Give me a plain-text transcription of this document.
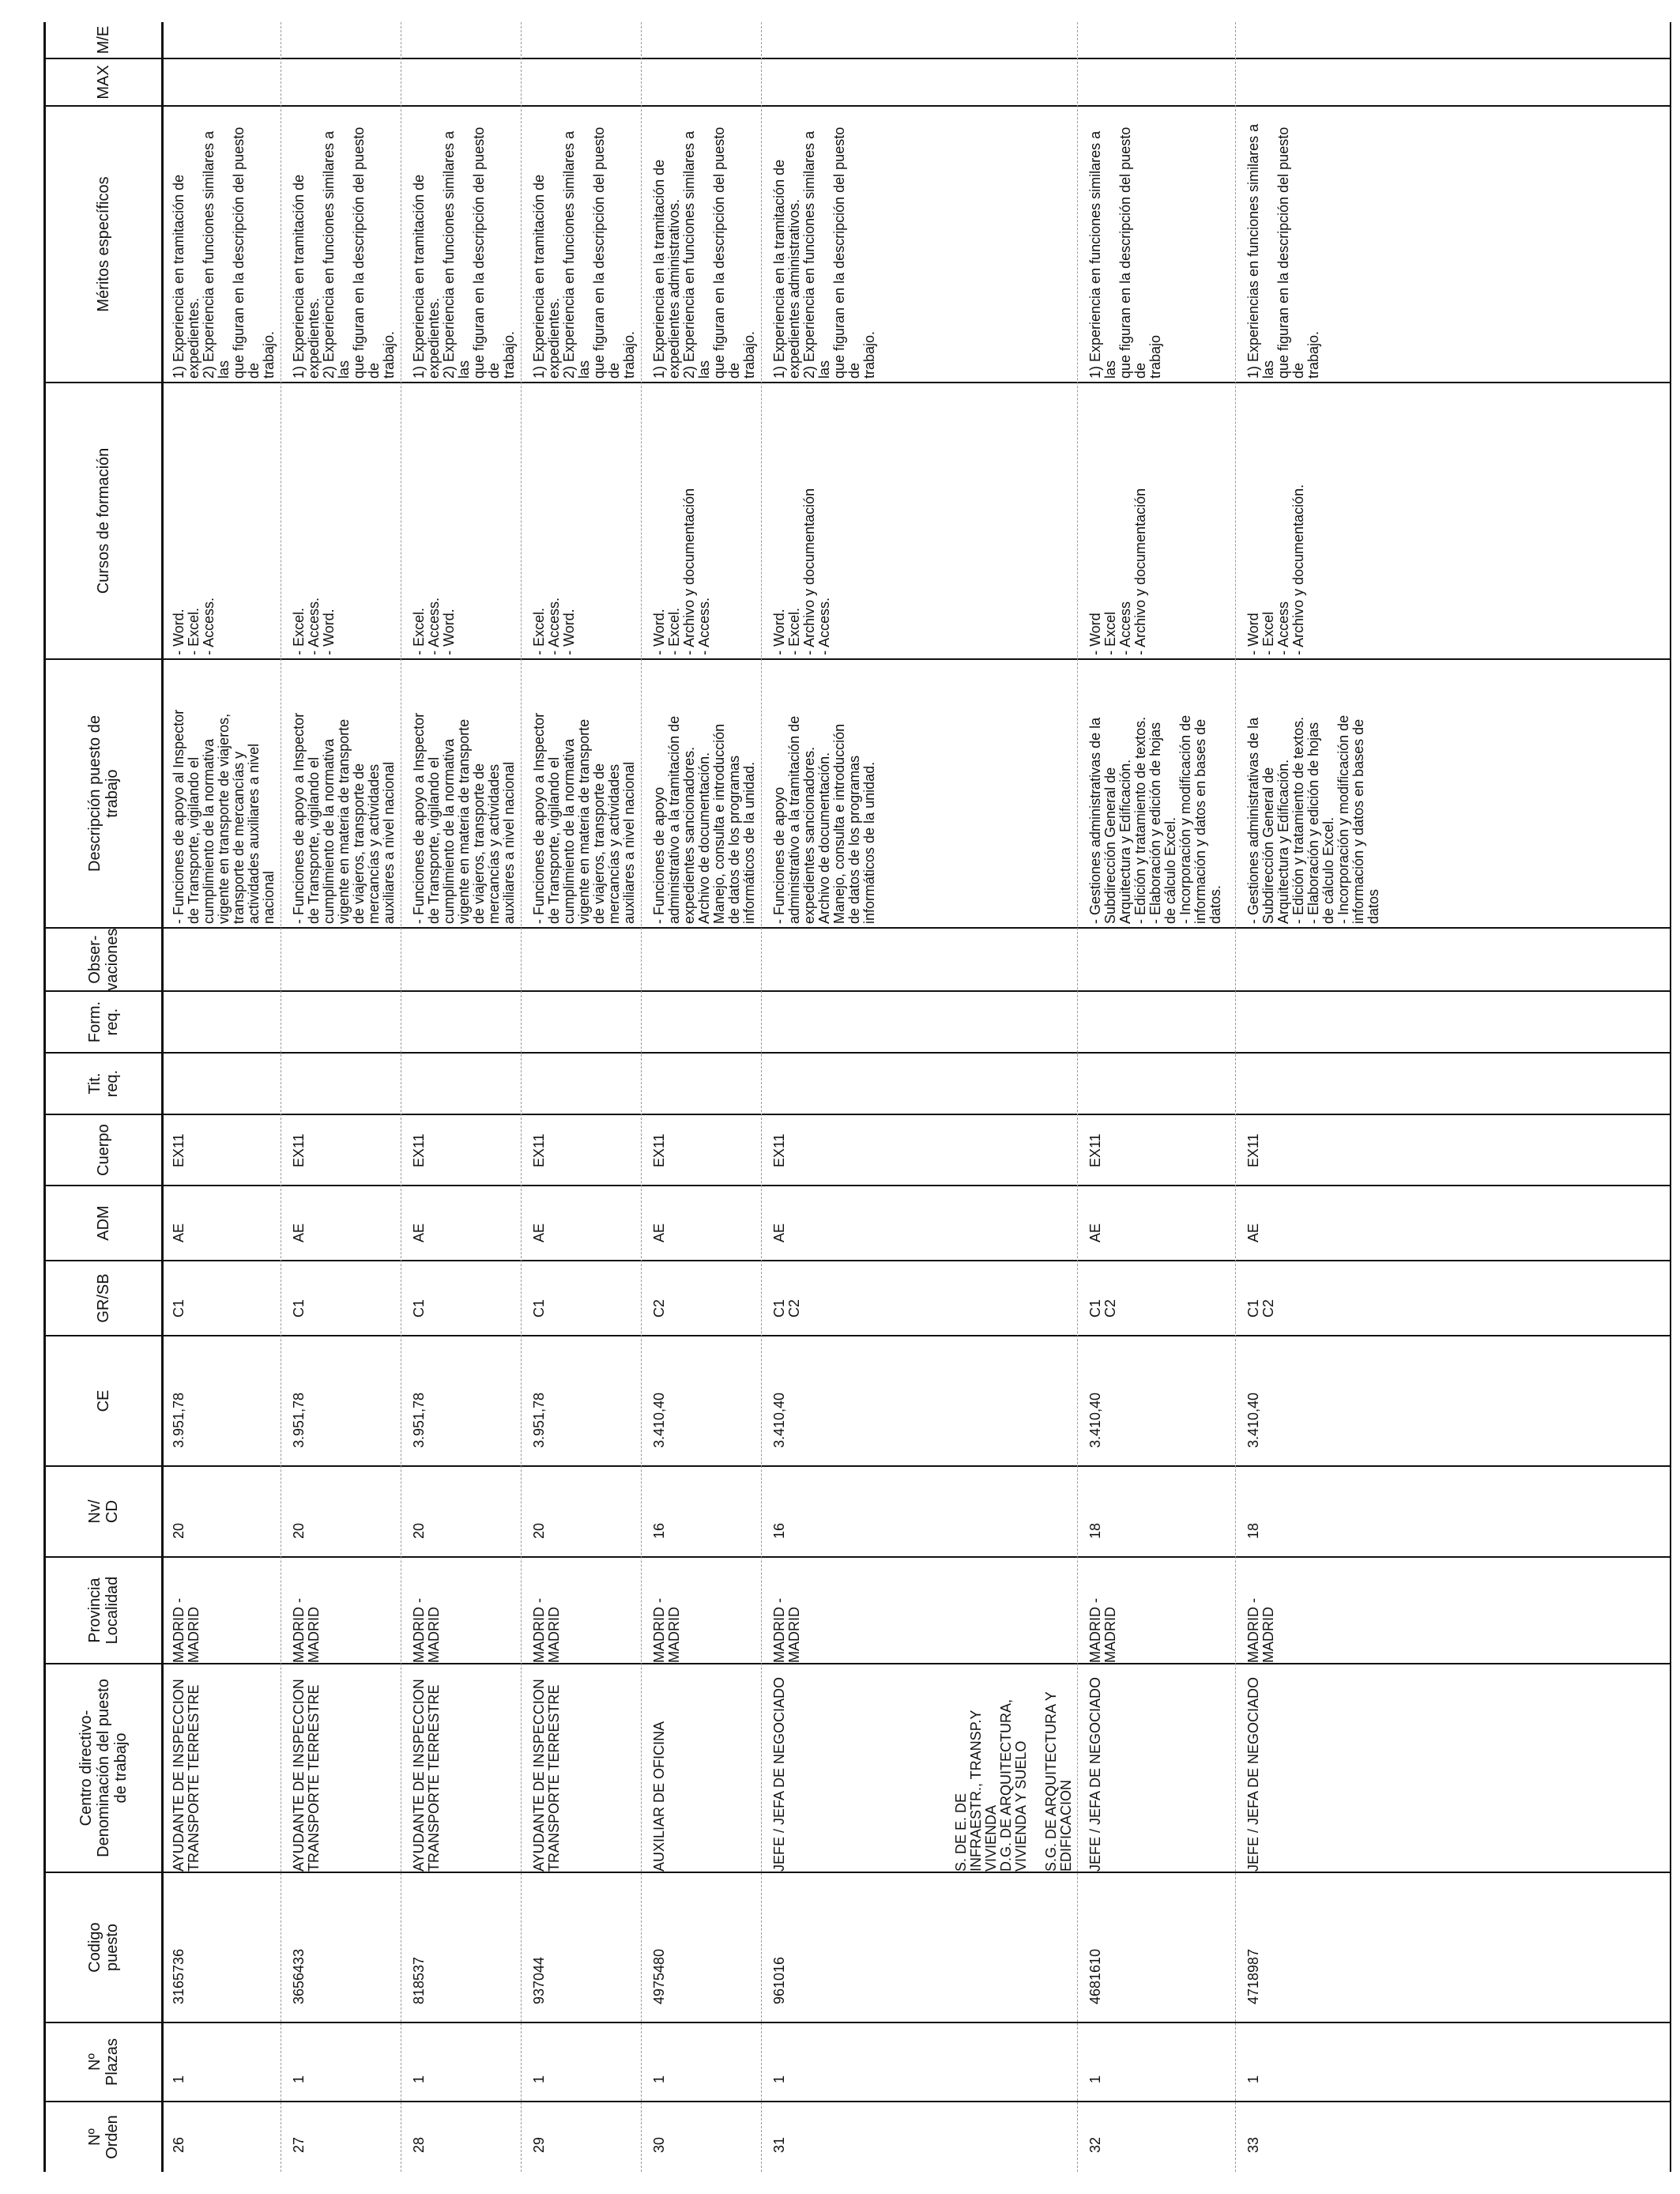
Nº
Orden
Nº
Plazas
Codigo
puesto
Centro directivo-
Denominación del puesto
de trabajo
Provincia
Localidad
Nv/
CD
CE
GR/SB
ADM
Cuerpo
Tit.
req.
Form.
req.
Obser-
vaciones
Descripción puesto de
trabajo
Cursos de formación
Méritos específicos
MAX
M/E
26
1
3165736
AYUDANTE DE INSPECCION
TRANSPORTE TERRESTRE
MADRID -
MADRID
20
3.951,78
C1
AE
EX11
- Funciones de apoyo al Inspector
de Transporte, vigilando el
cumplimiento de la normativa
vigente en transporte de viajeros,
transporte de mercancías y
actividades auxiliares a nivel
nacional
- Word.
- Excel.
- Access.
1) Experiencia en tramitación de
expedientes.
2) Experiencia en funciones similares a las
que figuran en la descripción del puesto de
trabajo.
27
1
3656433
AYUDANTE DE INSPECCION
TRANSPORTE TERRESTRE
MADRID -
MADRID
20
3.951,78
C1
AE
EX11
- Funciones de apoyo a Inspector
de Transporte, vigilando el
cumplimiento de la normativa
vigente en materia de transporte
de viajeros, transporte de
mercancías y actividades
auxiliares a nivel nacional
- Excel.
- Access.
- Word.
1) Experiencia en tramitación de
expedientes.
2) Experiencia en funciones similares a las
que figuran en la descripción del puesto de
trabajo.
28
1
818537
AYUDANTE DE INSPECCION
TRANSPORTE TERRESTRE
MADRID -
MADRID
20
3.951,78
C1
AE
EX11
- Funciones de apoyo a Inspector
de Transporte, vigilando el
cumplimiento de la normativa
vigente en materia de transporte
de viajeros, transporte de
mercancías y actividades
auxiliares a nivel nacional
- Excel.
- Access.
- Word.
1) Experiencia en tramitación de
expedientes.
2) Experiencia en funciones similares a las
que figuran en la descripción del puesto de
trabajo.
29
1
937044
AYUDANTE DE INSPECCION
TRANSPORTE TERRESTRE
MADRID -
MADRID
20
3.951,78
C1
AE
EX11
- Funciones de apoyo a Inspector
de Transporte, vigilando el
cumplimiento de la normativa
vigente en materia de transporte
de viajeros, transporte de
mercancías y actividades
auxiliares a nivel nacional
- Excel.
- Access.
- Word.
1) Experiencia en tramitación de
expedientes.
2) Experiencia en funciones similares a las
que figuran en la descripción del puesto de
trabajo.
30
1
4975480
AUXILIAR DE OFICINA
MADRID -
MADRID
16
3.410,40
C2
AE
EX11
- Funciones de apoyo
administrativo a la tramitación de
expedientes sancionadores.
Archivo de documentación.
Manejo, consulta e introducción
de datos de los programas
informáticos de la unidad.
- Word.
- Excel.
- Archivo y documentación
- Access.
1) Experiencia en la tramitación de
expedientes administrativos.
2) Experiencia en funciones similares a las
que figuran en la descripción del puesto de
trabajo.
31
1
961016
JEFE / JEFA DE NEGOCIADO
MADRID -
MADRID
16
3.410,40
C1
C2
AE
EX11
- Funciones de apoyo
administrativo a la tramitación de
expedientes sancionadores.
Archivo de documentación.
Manejo, consulta e introducción
de datos de los programas
informáticos de la unidad.
- Word.
- Excel.
- Archivo y documentación
- Access.
1) Experiencia en la tramitación de
expedientes administrativos.
2) Experiencia en funciones similares a las
que figuran en la descripción del puesto de
trabajo.
32
1
4681610
JEFE / JEFA DE NEGOCIADO
MADRID -
MADRID
18
3.410,40
C1
C2
AE
EX11
- Gestiones administrativas de la
Subdirección General de
Arquitectura y Edificación.
- Edición y tratamiento de textos.
- Elaboración y edición de hojas
de cálculo Excel.
- Incorporación y modificación de
información y datos en bases de
datos.
- Word
- Excel
- Access
- Archivo y documentación
1) Experiencia en funciones similares a las
que figuran en la descripción del puesto de
trabajo
33
1
4718987
JEFE / JEFA DE NEGOCIADO
MADRID -
MADRID
18
3.410,40
C1
C2
AE
EX11
- Gestiones administrativas de la
Subdirección General de
Arquitectura y Edificación.
- Edición y tratamiento de textos.
- Elaboración y edición de hojas
de cálculo Excel.
- Incorporación y modificación de
información y datos en bases de
datos
- Word
- Excel
- Access
- Archivo y documentación.
1) Experiencias en funciones similares a las
que figuran en la descripción del puesto de
trabajo.
S. DE E. DE
INFRAESTR., TRANSP.Y
VIVIENDA
D.G. DE ARQUITECTURA,
VIVIENDA Y SUELO

S.G. DE ARQUITECTURA Y
EDIFICACION
